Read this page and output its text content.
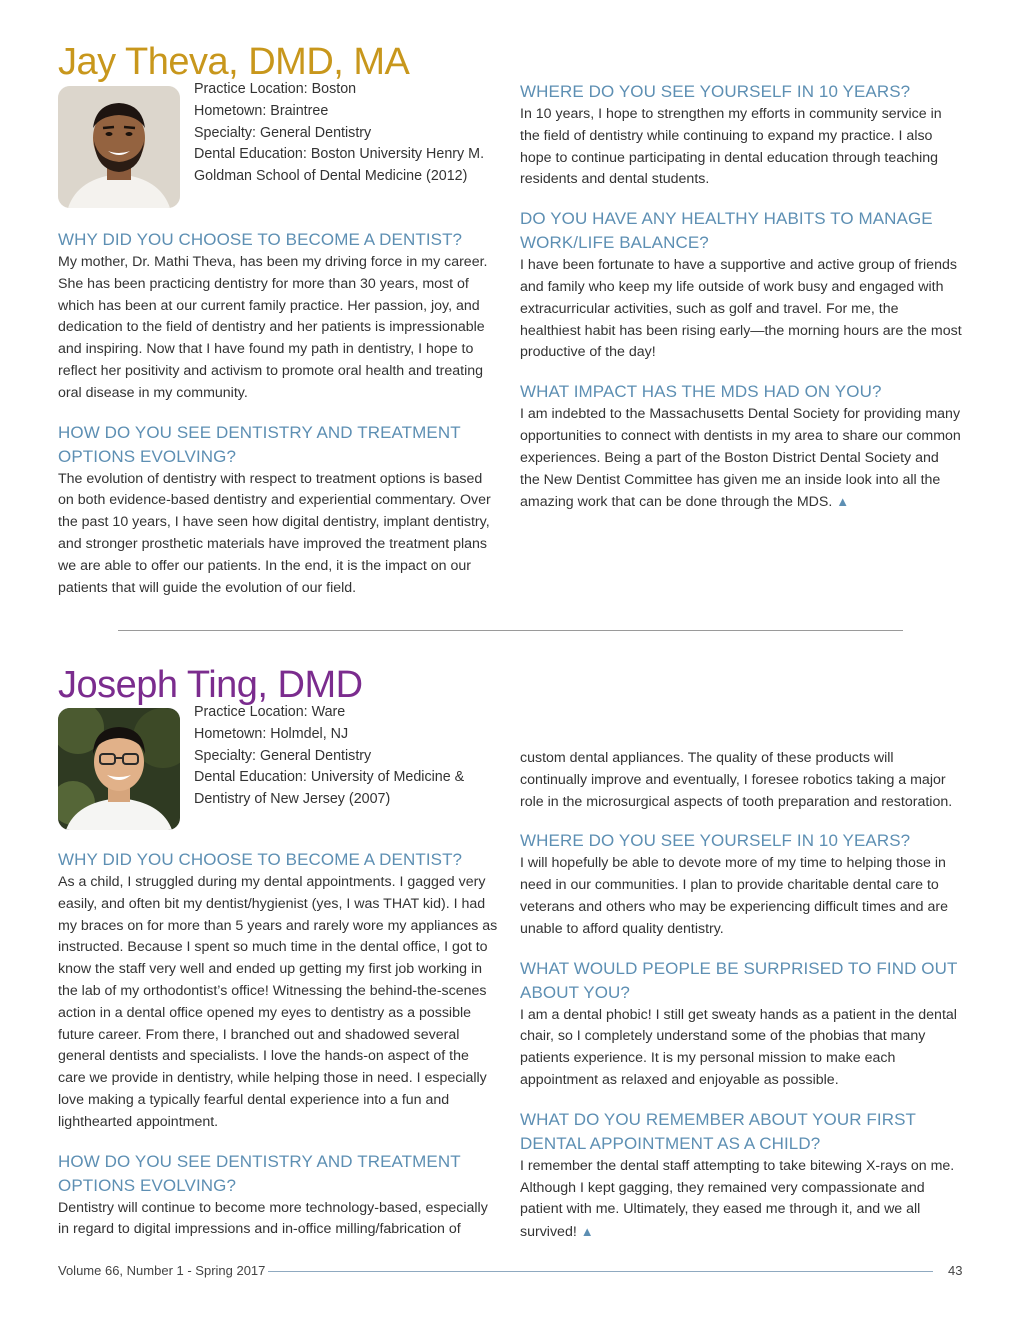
Jay Theva, DMD, MA
Practice Location: Boston
Hometown: Braintree
Specialty: General Dentistry
Dental Education: Boston University Henry M.
Goldman School of Dental Medicine (2012)
WHY DID YOU CHOOSE TO BECOME A DENTIST?

My mother, Dr. Mathi Theva, has been my driving force in my career. She has been practicing dentistry for more than 30 years, most of which has been at our current family practice. Her passion, joy, and dedication to the field of dentistry and her patients is impressionable and inspiring. Now that I have found my path in dentistry, I hope to reflect her positivity and activism to promote oral health and treating oral disease in my community.

HOW DO YOU SEE DENTISTRY AND TREATMENT OPTIONS EVOLVING?

The evolution of dentistry with respect to treatment options is based on both evidence-based dentistry and experiential commentary. Over the past 10 years, I have seen how digital dentistry, implant dentistry, and stronger prosthetic materials have improved the treatment plans we are able to offer our patients. In the end, it is the impact on our patients that will guide the evolution of our field.

WHERE DO YOU SEE YOURSELF IN 10 YEARS?

In 10 years, I hope to strengthen my efforts in community service in the field of dentistry while continuing to expand my practice. I also hope to continue participating in dental education through teaching residents and dental students.

DO YOU HAVE ANY HEALTHY HABITS TO MANAGE WORK/LIFE BALANCE?

I have been fortunate to have a supportive and active group of friends and family who keep my life outside of work busy and engaged with extracurricular activities, such as golf and travel. For me, the healthiest habit has been rising early—the morning hours are the most productive of the day!

WHAT IMPACT HAS THE MDS HAD ON YOU?

I am indebted to the Massachusetts Dental Society for providing many opportunities to connect with dentists in my area to share our common experiences. Being a part of the Boston District Dental Society and the New Dentist Committee has given me an inside look into all the amazing work that can be done through the MDS. ▲

Joseph Ting, DMD
Practice Location: Ware
Hometown: Holmdel, NJ
Specialty: General Dentistry
Dental Education: University of Medicine &
Dentistry of New Jersey (2007)
WHY DID YOU CHOOSE TO BECOME A DENTIST?

As a child, I struggled during my dental appointments. I gagged very easily, and often bit my dentist/hygienist (yes, I was THAT kid). I had my braces on for more than 5 years and rarely wore my appliances as instructed. Because I spent so much time in the dental office, I got to know the staff very well and ended up getting my first job working in the lab of my orthodontist’s office! Witnessing the behind-the-scenes action in a dental office opened my eyes to dentistry as a possible future career. From there, I branched out and shadowed several general dentists and specialists. I love the hands-on aspect of the care we provide in dentistry, while helping those in need. I especially love making a typically fearful dental experience into a fun and lighthearted appointment.

HOW DO YOU SEE DENTISTRY AND TREATMENT OPTIONS EVOLVING?

Dentistry will continue to become more technology-based, especially in regard to digital impressions and in-office milling/fabrication of

custom dental appliances. The quality of these products will continually improve and eventually, I foresee robotics taking a major role in the microsurgical aspects of tooth preparation and restoration.

WHERE DO YOU SEE YOURSELF IN 10 YEARS?

I will hopefully be able to devote more of my time to helping those in need in our communities. I plan to provide charitable dental care to veterans and others who may be experiencing difficult times and are unable to afford quality dentistry.

WHAT WOULD PEOPLE BE SURPRISED TO FIND OUT ABOUT YOU?

I am a dental phobic! I still get sweaty hands as a patient in the dental chair, so I completely understand some of the phobias that many patients experience. It is my personal mission to make each appointment as relaxed and enjoyable as possible.

WHAT DO YOU REMEMBER ABOUT YOUR FIRST DENTAL APPOINTMENT AS A CHILD?

I remember the dental staff attempting to take bitewing X-rays on me. Although I kept gagging, they remained very compassionate and patient with me. Ultimately, they eased me through it, and we all survived! ▲

Volume 66, Number 1 - Spring 2017	43
